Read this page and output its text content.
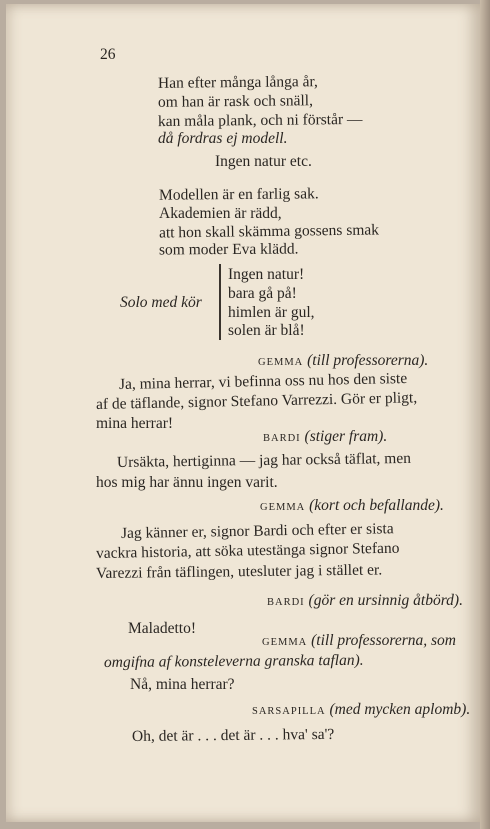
26
Han efter många långa år,
om han är rask och snäll,
kan måla plank, och ni förstår —
då fordras ej modell.
Ingen natur etc.
Modellen är en farlig sak.
Akademien är rädd,
att hon skall skämma gossens smak
som moder Eva klädd.
Solo med kör
Ingen natur!
bara gå på!
himlen är gul,
solen är blå!
GEMMA (till professorerna).
Ja, mina herrar, vi befinna oss nu hos den siste
af de täflande, signor Stefano Varrezzi. Gör er pligt,
mina herrar!
BARDI (stiger fram).
Ursäkta, hertiginna — jag har också täflat, men
hos mig har ännu ingen varit.
GEMMA (kort och befallande).
Jag känner er, signor Bardi och efter er sista
vackra historia, att söka utestänga signor Stefano
Varezzi från täflingen, utesluter jag i stället er.
BARDI (gör en ursinnig åtbörd).
Maladetto!
GEMMA (till professorerna, som
omgifna af konsteleverna granska taflan).
Nå, mina herrar?
SARSAPILLA (med mycken aplomb).
Oh, det är . . . det är . . . hva' sa'?
